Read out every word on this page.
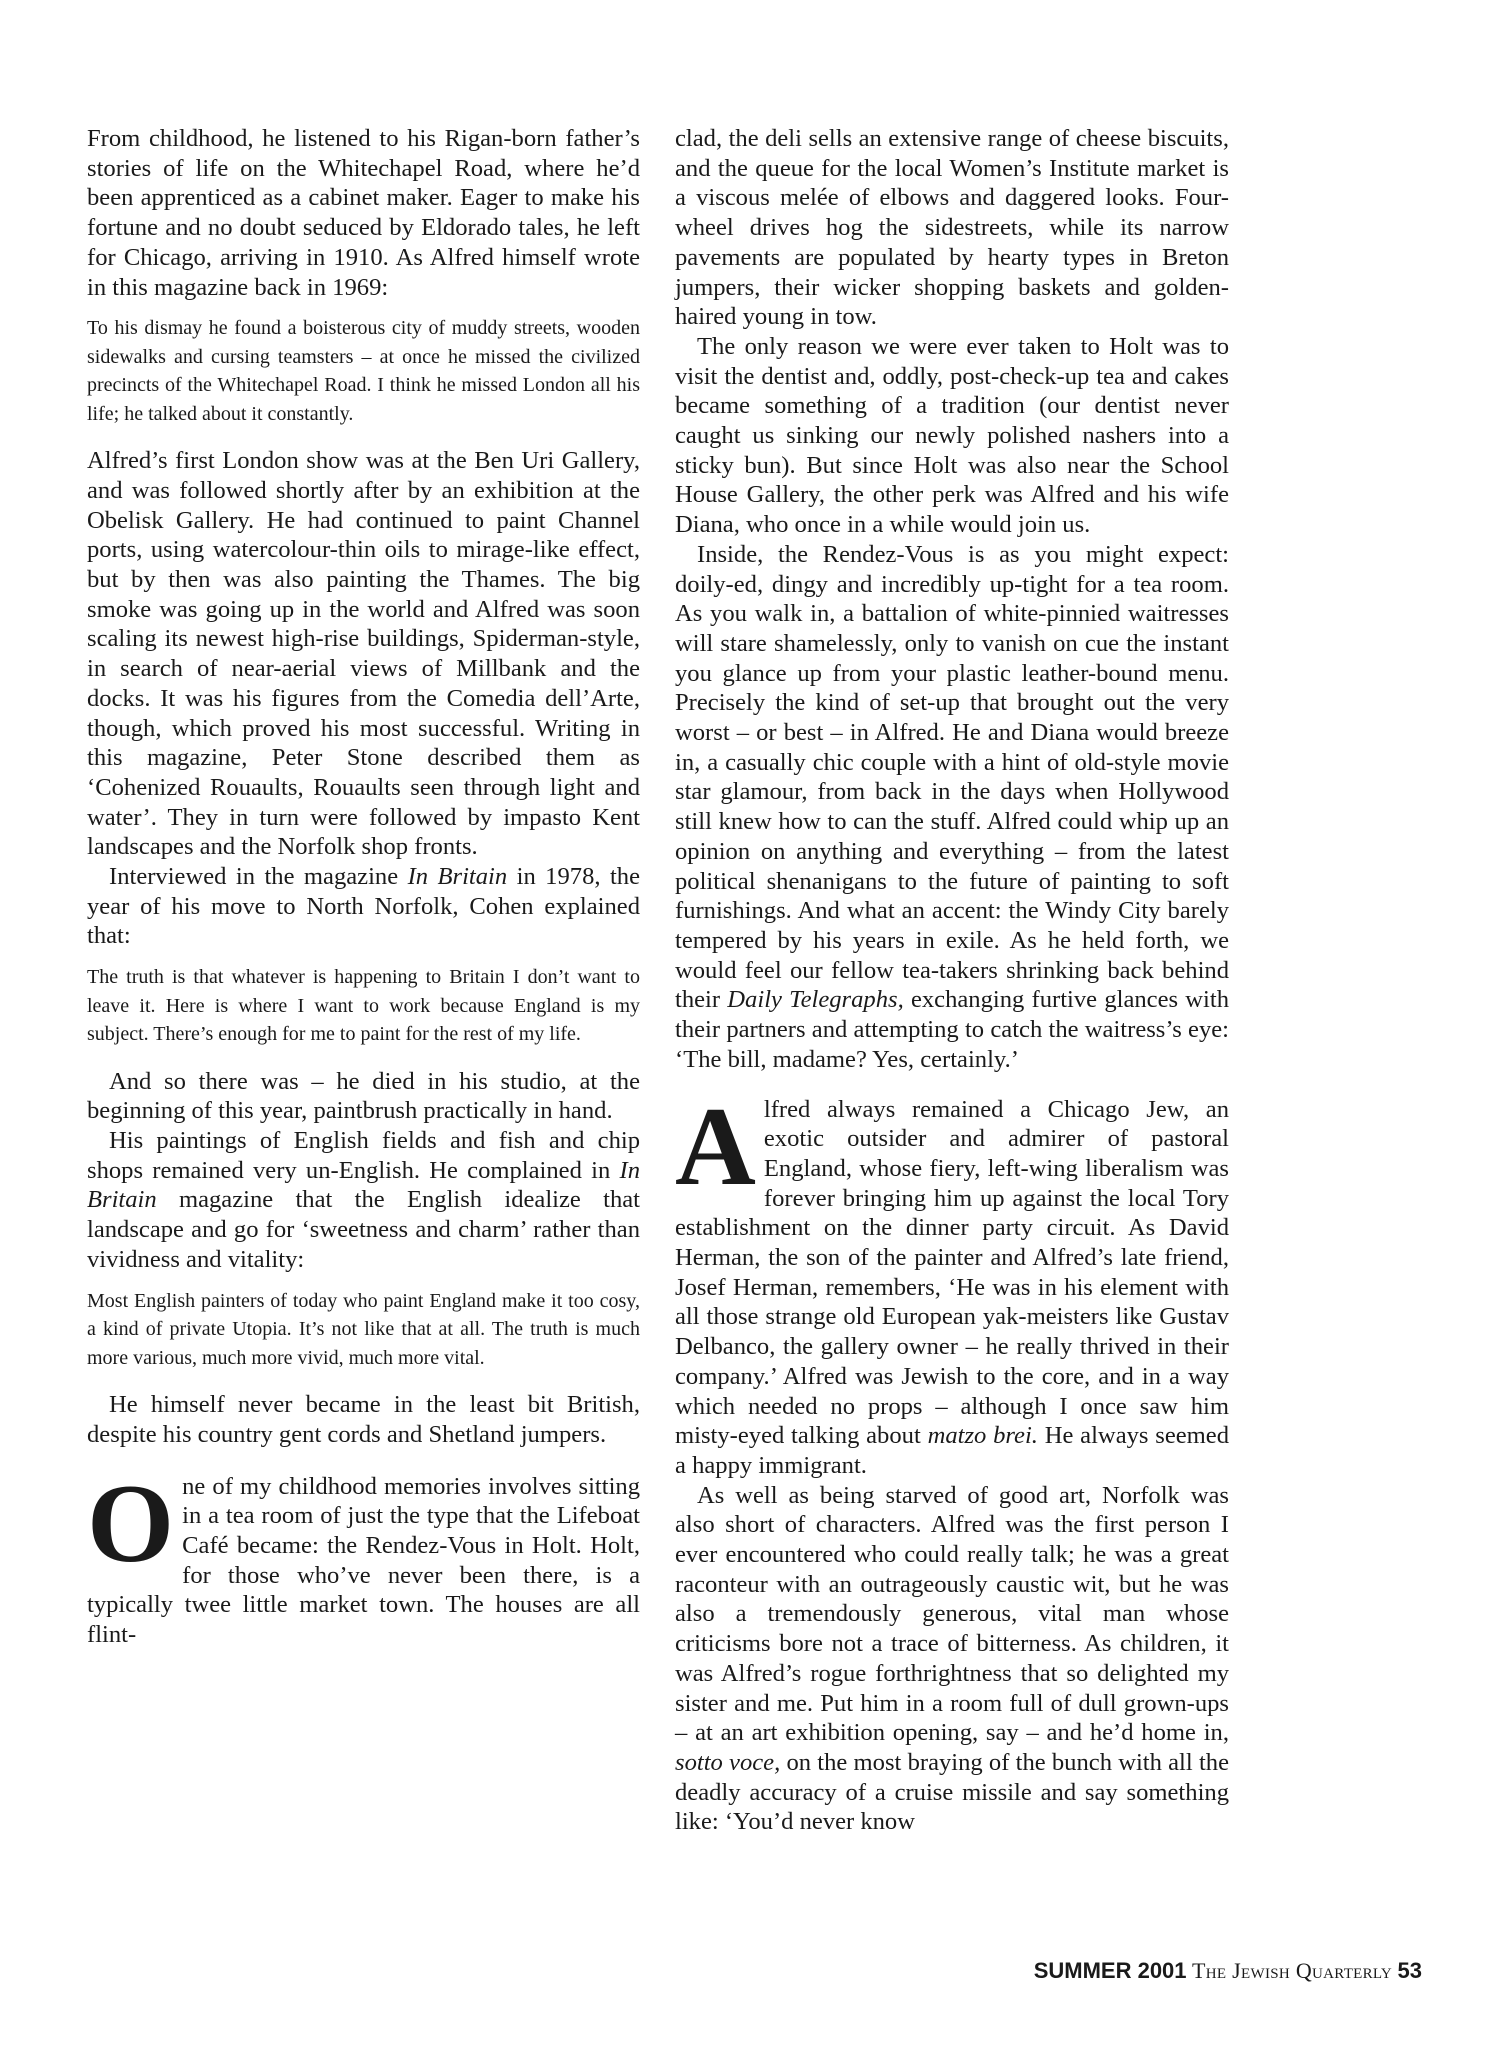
From childhood, he listened to his Rigan-born father’s stories of life on the Whitechapel Road, where he’d been apprenticed as a cabinet maker. Eager to make his fortune and no doubt seduced by Eldorado tales, he left for Chicago, arriving in 1910. As Alfred himself wrote in this magazine back in 1969:

To his dismay he found a boisterous city of muddy streets, wooden sidewalks and cursing teamsters – at once he missed the civilized precincts of the Whitechapel Road. I think he missed London all his life; he talked about it constantly.

Alfred’s first London show was at the Ben Uri Gallery, and was followed shortly after by an exhibition at the Obelisk Gallery. He had continued to paint Channel ports, using watercolour-thin oils to mirage-like effect, but by then was also painting the Thames. The big smoke was going up in the world and Alfred was soon scaling its newest high-rise buildings, Spiderman-style, in search of near-aerial views of Millbank and the docks. It was his figures from the Comedia dell’Arte, though, which proved his most successful. Writing in this magazine, Peter Stone described them as ‘Cohenized Rouaults, Rouaults seen through light and water’. They in turn were followed by impasto Kent landscapes and the Norfolk shop fronts.

Interviewed in the magazine In Britain in 1978, the year of his move to North Norfolk, Cohen explained that:

The truth is that whatever is happening to Britain I don’t want to leave it. Here is where I want to work because England is my subject. There’s enough for me to paint for the rest of my life.

And so there was – he died in his studio, at the beginning of this year, paintbrush practically in hand.

His paintings of English fields and fish and chip shops remained very un-English. He complained in In Britain magazine that the English idealize that landscape and go for ‘sweetness and charm’ rather than vividness and vitality:

Most English painters of today who paint England make it too cosy, a kind of private Utopia. It’s not like that at all. The truth is much more various, much more vivid, much more vital.

He himself never became in the least bit British, despite his country gent cords and Shetland jumpers.

One of my childhood memories involves sitting in a tea room of just the type that the Lifeboat Café became: the Rendez-Vous in Holt. Holt, for those who’ve never been there, is a typically twee little market town. The houses are all flint-

clad, the deli sells an extensive range of cheese biscuits, and the queue for the local Women’s Institute market is a viscous melée of elbows and daggered looks. Four-wheel drives hog the sidestreets, while its narrow pavements are populated by hearty types in Breton jumpers, their wicker shopping baskets and golden-haired young in tow.

The only reason we were ever taken to Holt was to visit the dentist and, oddly, post-check-up tea and cakes became something of a tradition (our dentist never caught us sinking our newly polished nashers into a sticky bun). But since Holt was also near the School House Gallery, the other perk was Alfred and his wife Diana, who once in a while would join us.

Inside, the Rendez-Vous is as you might expect: doily-ed, dingy and incredibly up-tight for a tea room. As you walk in, a battalion of white-pinnied waitresses will stare shamelessly, only to vanish on cue the instant you glance up from your plastic leather-bound menu. Precisely the kind of set-up that brought out the very worst – or best – in Alfred. He and Diana would breeze in, a casually chic couple with a hint of old-style movie star glamour, from back in the days when Hollywood still knew how to can the stuff. Alfred could whip up an opinion on anything and everything – from the latest political shenanigans to the future of painting to soft furnishings. And what an accent: the Windy City barely tempered by his years in exile. As he held forth, we would feel our fellow tea-takers shrinking back behind their Daily Telegraphs, exchanging furtive glances with their partners and attempting to catch the waitress’s eye: ‘The bill, madame? Yes, certainly.’

Alfred always remained a Chicago Jew, an exotic outsider and admirer of pastoral England, whose fiery, left-wing liberalism was forever bringing him up against the local Tory establishment on the dinner party circuit. As David Herman, the son of the painter and Alfred’s late friend, Josef Herman, remembers, ‘He was in his element with all those strange old European yak-meisters like Gustav Delbanco, the gallery owner – he really thrived in their company.’ Alfred was Jewish to the core, and in a way which needed no props – although I once saw him misty-eyed talking about matzo brei. He always seemed a happy immigrant.

As well as being starved of good art, Norfolk was also short of characters. Alfred was the first person I ever encountered who could really talk; he was a great raconteur with an outrageously caustic wit, but he was also a tremendously generous, vital man whose criticisms bore not a trace of bitterness. As children, it was Alfred’s rogue forthrightness that so delighted my sister and me. Put him in a room full of dull grown-ups – at an art exhibition opening, say – and he’d home in, sotto voce, on the most braying of the bunch with all the deadly accuracy of a cruise missile and say something like: ‘You’d never know

SUMMER 2001 The Jewish Quarterly 53
